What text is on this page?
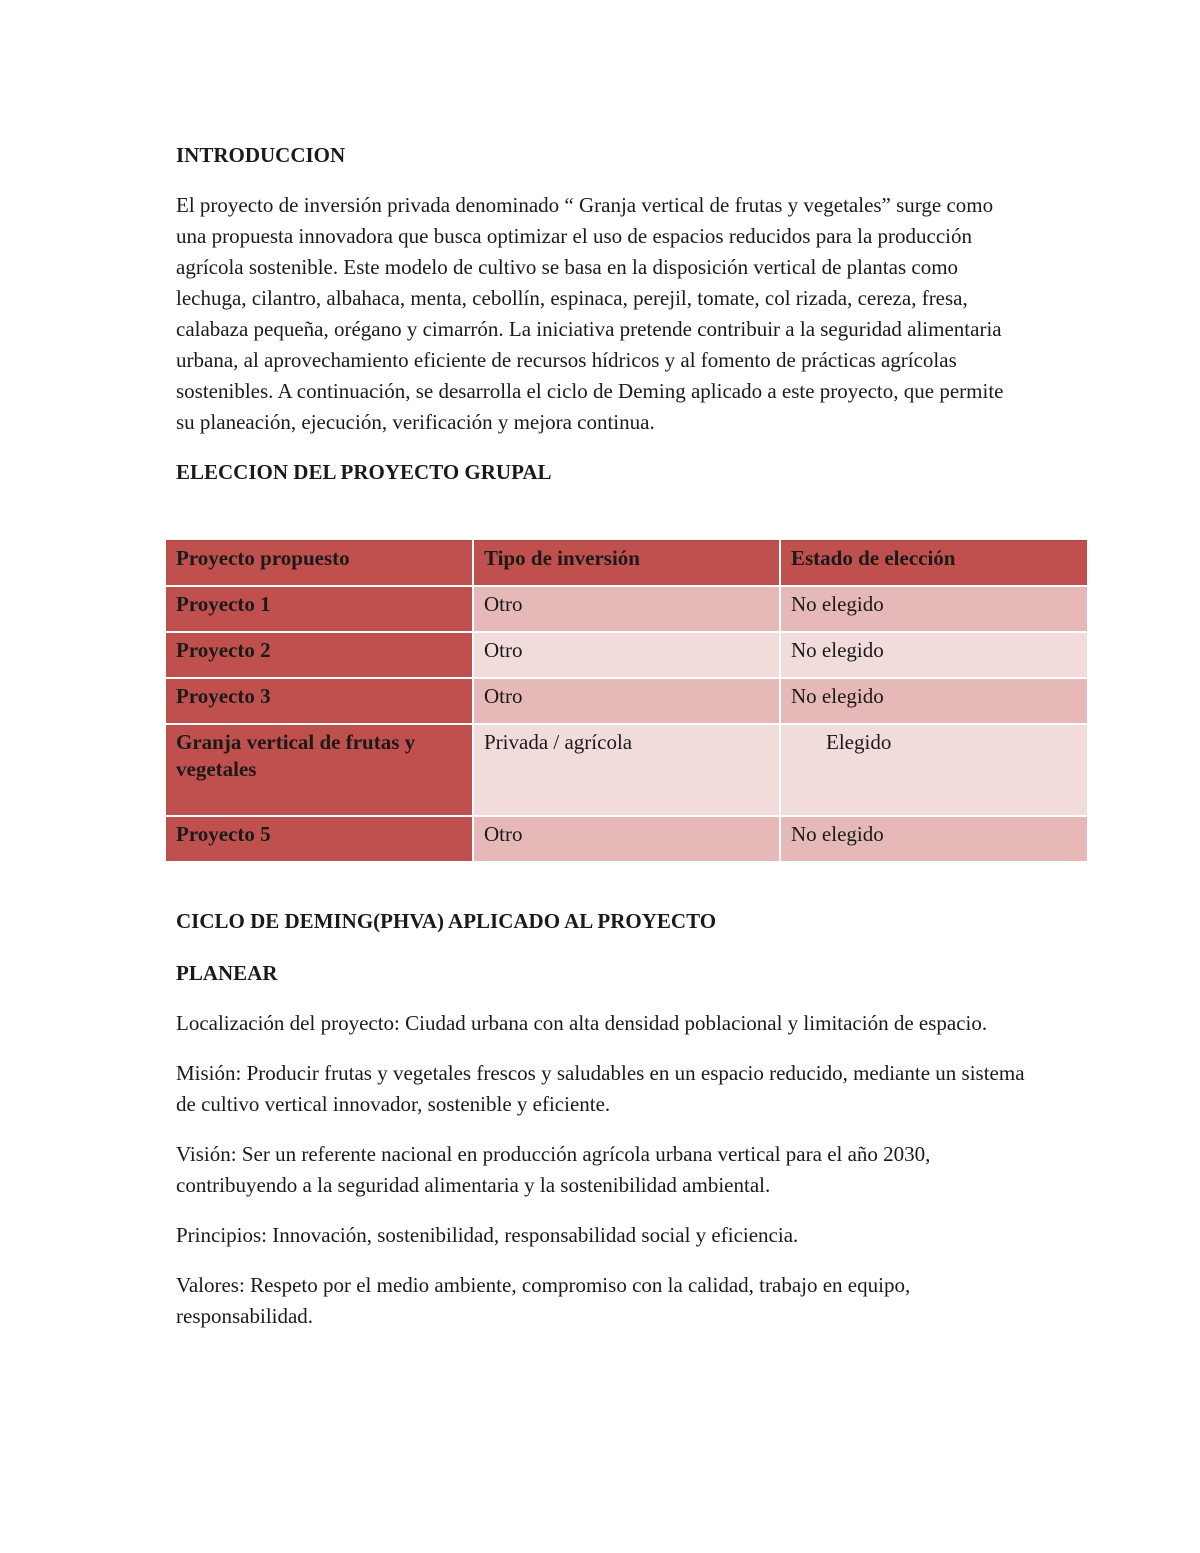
INTRODUCCION

El proyecto de inversión privada denominado “ Granja vertical de frutas y vegetales” surge como una propuesta innovadora que busca optimizar el uso de espacios reducidos para la producción agrícola sostenible. Este modelo de cultivo se basa en la disposición vertical de plantas como lechuga, cilantro, albahaca, menta, cebollín, espinaca, perejil, tomate, col rizada, cereza, fresa, calabaza pequeña, orégano y cimarrón. La iniciativa pretende contribuir a la seguridad alimentaria urbana, al aprovechamiento eficiente de recursos hídricos y al fomento de prácticas agrícolas sostenibles. A continuación, se desarrolla el ciclo de Deming aplicado a este proyecto, que permite su planeación, ejecución, verificación y mejora continua.

ELECCION DEL PROYECTO GRUPAL
Proyecto propuesto	Tipo de inversión	Estado de elección
Proyecto 1	Otro	No elegido
Proyecto 2	Otro	No elegido
Proyecto 3	Otro	No elegido
Granja vertical de frutas y vegetales	Privada / agrícola	Elegido
Proyecto 5	Otro	No elegido
CICLO DE DEMING(PHVA) APLICADO AL PROYECTO
PLANEAR

Localización del proyecto: Ciudad urbana con alta densidad poblacional y limitación de espacio.

Misión: Producir frutas y vegetales frescos y saludables en un espacio reducido, mediante un sistema de cultivo vertical innovador, sostenible y eficiente.

Visión: Ser un referente nacional en producción agrícola urbana vertical para el año 2030, contribuyendo a la seguridad alimentaria y la sostenibilidad ambiental.

Principios: Innovación, sostenibilidad, responsabilidad social y eficiencia.

Valores: Respeto por el medio ambiente, compromiso con la calidad, trabajo en equipo, responsabilidad.
